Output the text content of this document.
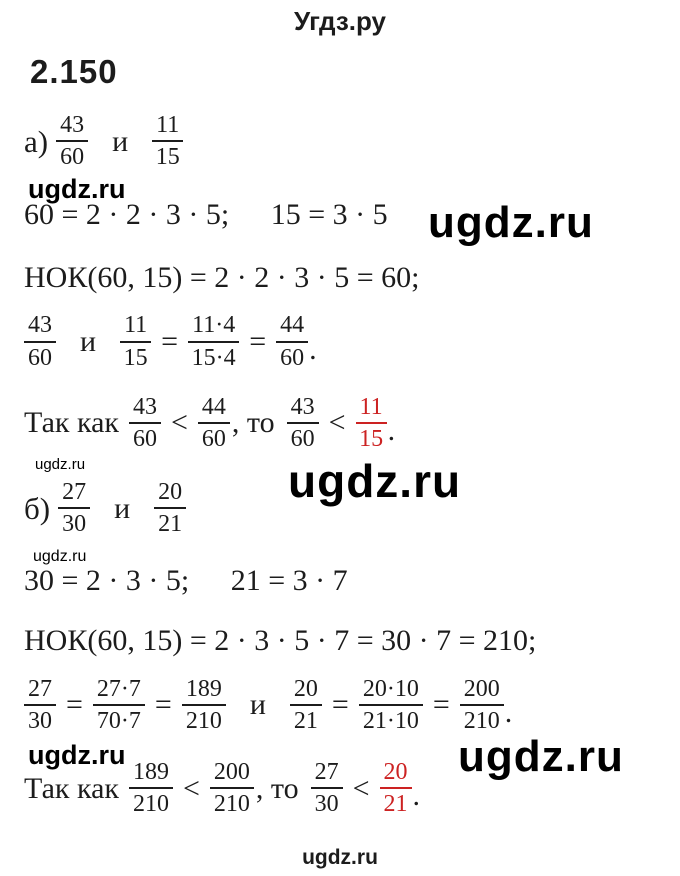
Угдз.ру
2.150
$а) \frac{43}{60}$ и $\frac{11}{15}$
60 = 2 · 2 · 3 · 5; 15 = 3 · 5
НОК(60, 15) = 2 · 2 · 3 · 5 = 60;
$\frac{43}{60}$ и $\frac{11}{15} = \frac{11\cdot 4}{15\cdot 4} = \frac{44}{60}$ .
Так как $\frac{43}{60} < \frac{44}{60}$ , то $\frac{43}{60} < \frac{11}{15}$ .
$б) \frac{27}{30}$ и $\frac{20}{21}$
30 = 2 · 3 · 5; 21 = 3 · 7
НОК(60, 15) = 2 · 3 · 5 · 7 = 30 · 7 = 210;
$\frac{27}{30} = \frac{27\cdot 7}{70\cdot 7} = \frac{189}{210}$ и $\frac{20}{21} = \frac{20\cdot 10}{21\cdot 10} = \frac{200}{210}$ .
Так как $\frac{189}{210} < \frac{200}{210}$ , то $\frac{27}{30} < \frac{20}{21}$ .
ugdz.ru
ugdz.ru
ugdz.ru	ugdz.ru
ugdz.ru
ugdz.ru	ugdz.ru
ugdz.ru
